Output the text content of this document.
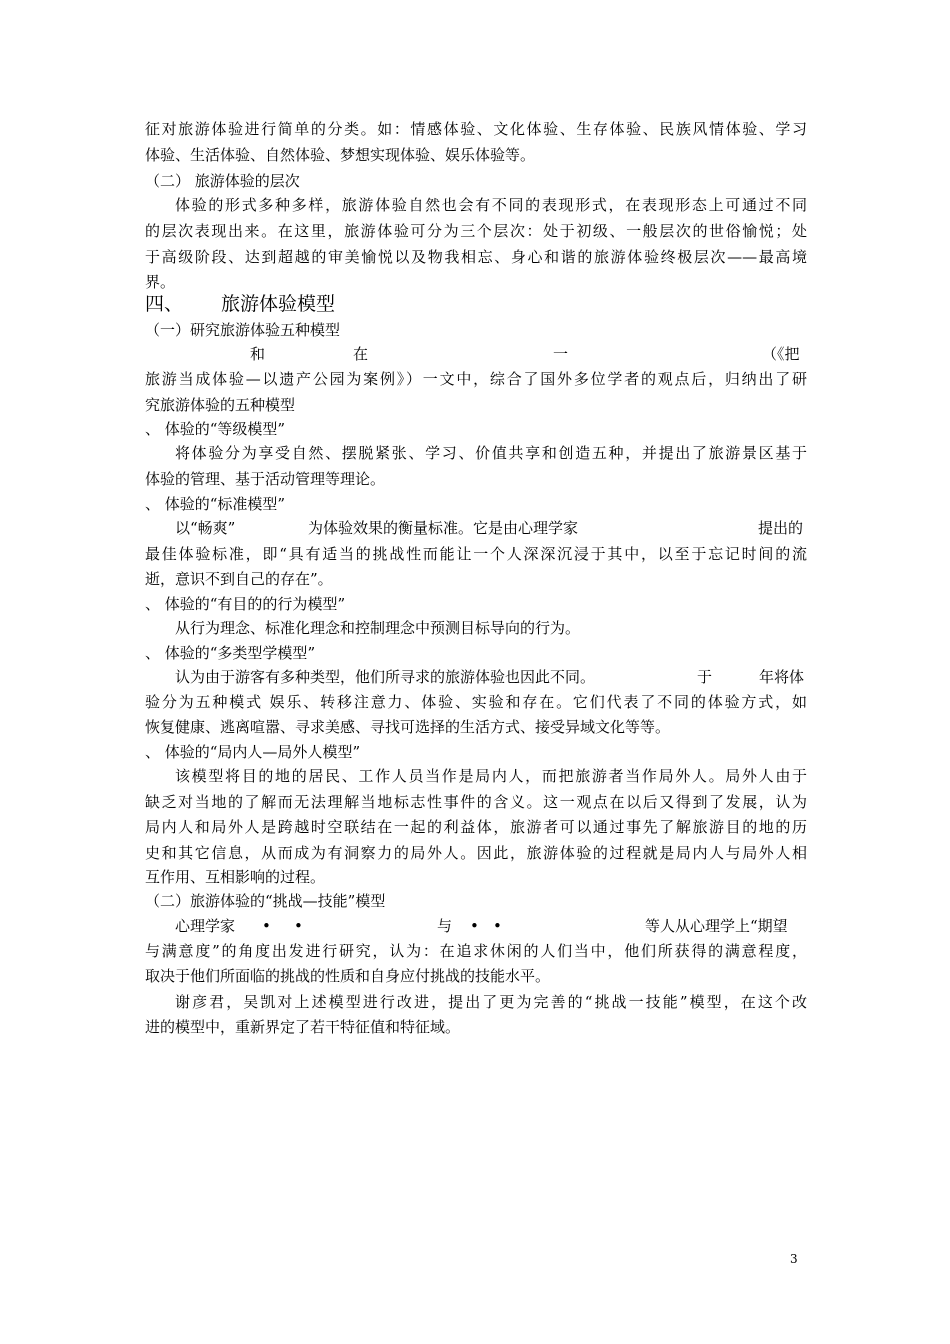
征对旅游体验进行简单的分类。如：情感体验、文化体验、生存体验、民族风情体验、学习
体验、生活体验、自然体验、梦想实现体验、娱乐体验等。
（二） 旅游体验的层次
体验的形式多种多样，旅游体验自然也会有不同的表现形式，在表现形态上可通过不同
的层次表现出来。在这里，旅游体验可分为三个层次：处于初级、一般层次的世俗愉悦；处
于高级阶段、达到超越的审美愉悦以及物我相忘、身心和谐的旅游体验终极层次——最高境
界。
四、 旅游体验模型
（一）研究旅游体验五种模型
和	在	一	（《把
旅游当成体验—以遗产公园为案例》）一文中，综合了国外多位学者的观点后，归纳出了研
究旅游体验的五种模型
、 体验的“等级模型”
将体验分为享受自然、摆脱紧张、学习、价值共享和创造五种，并提出了旅游景区基于
体验的管理、基于活动管理等理论。
、 体验的“标准模型”
以“畅爽”	为体验效果的衡量标准。它是由心理学家	提出的
最佳体验标准，即“具有适当的挑战性而能让一个人深深沉浸于其中，以至于忘记时间的流
逝，意识不到自己的存在”。
、 体验的“有目的的行为模型”
从行为理念、标准化理念和控制理念中预测目标导向的行为。
、 体验的“多类型学模型”
认为由于游客有多种类型，他们所寻求的旅游体验也因此不同。	于	年将体
验分为五种模式 娱乐、转移注意力、体验、实验和存在。它们代表了不同的体验方式，如
恢复健康、逃离喧嚣、寻求美感、寻找可选择的生活方式、接受异域文化等等。
、 体验的“局内人—局外人模型”
该模型将目的地的居民、工作人员当作是局内人，而把旅游者当作局外人。局外人由于
缺乏对当地的了解而无法理解当地标志性事件的含义。这一观点在以后又得到了发展，认为
局内人和局外人是跨越时空联结在一起的利益体，旅游者可以通过事先了解旅游目的地的历
史和其它信息，从而成为有洞察力的局外人。因此，旅游体验的过程就是局内人与局外人相
互作用、互相影响的过程。
（二）旅游体验的“挑战—技能”模型
心理学家 • •	与 • •	等人从心理学上“期望
与满意度”的角度出发进行研究，认为：在追求休闲的人们当中，他们所获得的满意程度，
取决于他们所面临的挑战的性质和自身应付挑战的技能水平。
谢彦君，吴凯对上述模型进行改进，提出了更为完善的“挑战一技能”模型，在这个改
进的模型中，重新界定了若干特征值和特征域。
3
